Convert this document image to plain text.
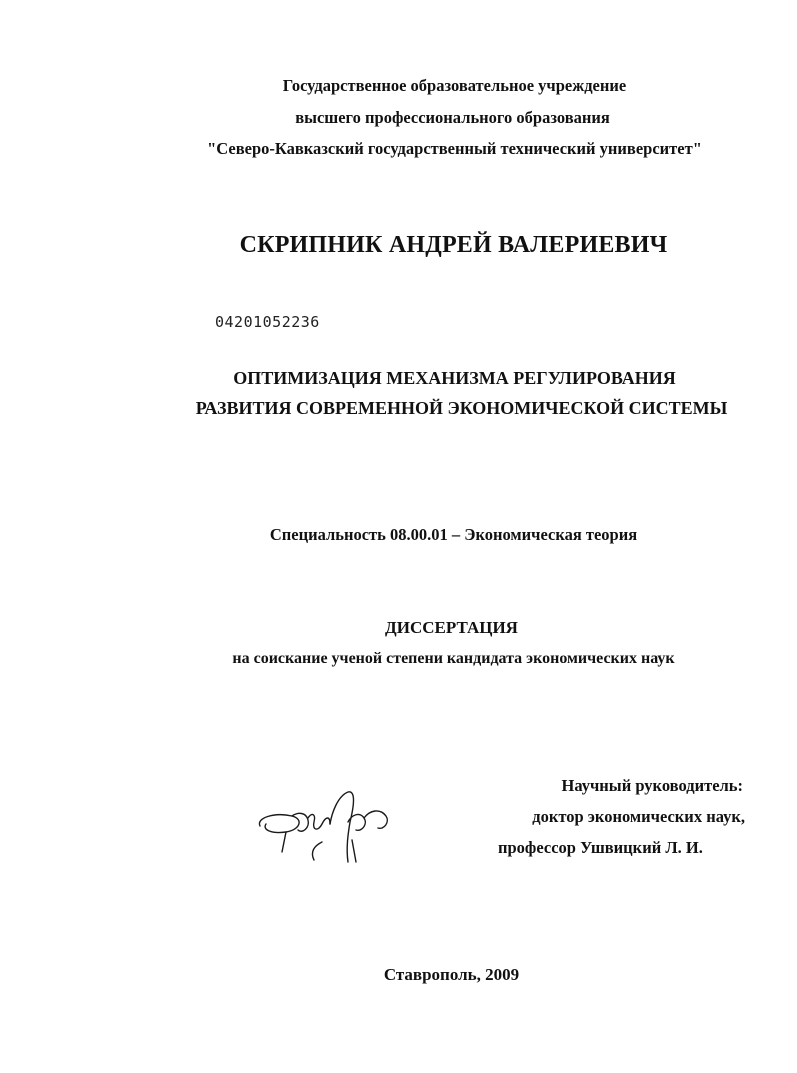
Государственное образовательное учреждение
высшего профессионального образования
"Северо-Кавказский государственный технический университет"
СКРИПНИК АНДРЕЙ ВАЛЕРИЕВИЧ
04201052236
ОПТИМИЗАЦИЯ МЕХАНИЗМА РЕГУЛИРОВАНИЯ
РАЗВИТИЯ СОВРЕМЕННОЙ ЭКОНОМИЧЕСКОЙ СИСТЕМЫ
Специальность 08.00.01 – Экономическая теория
ДИССЕРТАЦИЯ
на соискание ученой степени кандидата экономических наук
Научный руководитель:
доктор экономических наук,
профессор Ушвицкий Л. И.
Ставрополь, 2009
